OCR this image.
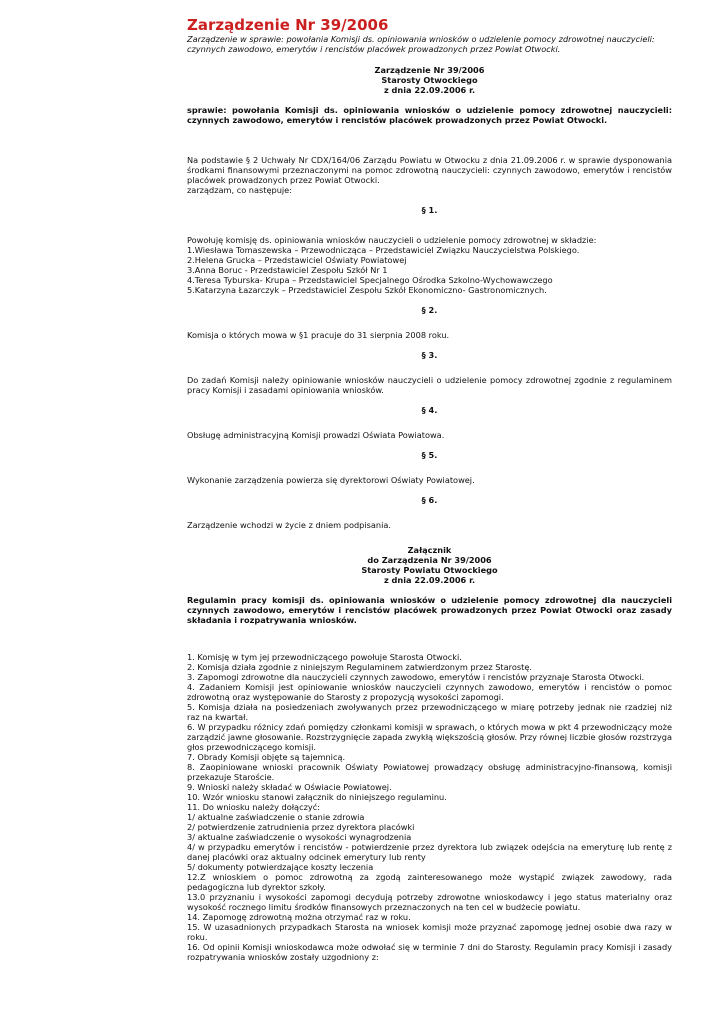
Zarządzenie Nr 39/2006

Zarządzenie w sprawie: powołania Komisji ds. opiniowania wniosków o udzielenie pomocy zdrowotnej nauczycieli: czynnych zawodowo, emerytów i rencistów placówek prowadzonych przez Powiat Otwocki.

Zarządzenie Nr 39/2006
Starosty Otwockiego
z dnia 22.09.2006 r.

sprawie: powołania Komisji ds. opiniowania wniosków o udzielenie pomocy zdrowotnej nauczycieli: czynnych zawodowo, emerytów i rencistów placówek prowadzonych przez Powiat Otwocki.

Na podstawie § 2 Uchwały Nr CDX/164/06 Zarządu Powiatu w Otwocku z dnia 21.09.2006 r. w sprawie dysponowania środkami finansowymi przeznaczonymi na pomoc zdrowotną nauczycieli: czynnych zawodowo, emerytów i rencistów placówek prowadzonych przez Powiat Otwocki.

zarządzam, co następuje:

§ 1.

Powołuję komisję ds. opiniowania wniosków nauczycieli o udzielenie pomocy zdrowotnej w składzie:

1.Wiesława Tomaszewska – Przewodnicząca – Przedstawiciel Związku Nauczycielstwa Polskiego.
2.Helena Grucka – Przedstawiciel Oświaty Powiatowej
3.Anna Boruc - Przedstawiciel Zespołu Szkół Nr 1
4.Teresa Tyburska- Krupa – Przedstawiciel Specjalnego Ośrodka Szkolno-Wychowawczego
5.Katarzyna Łazarczyk – Przedstawiciel Zespołu Szkół Ekonomiczno- Gastronomicznych.

§ 2.

Komisja o których mowa w §1 pracuje do 31 sierpnia 2008 roku.

§ 3.

Do zadań Komisji należy opiniowanie wniosków nauczycieli o udzielenie pomocy zdrowotnej zgodnie z regulaminem pracy Komisji i zasadami opiniowania wniosków.

§ 4.

Obsługę administracyjną Komisji prowadzi Oświata Powiatowa.

§ 5.

Wykonanie zarządzenia powierza się dyrektorowi Oświaty Powiatowej.

§ 6.

Zarządzenie wchodzi w życie z dniem podpisania.

Załącznik
do Zarządzenia Nr 39/2006
Starosty Powiatu Otwockiego
z dnia 22.09.2006 r.

Regulamin pracy komisji ds. opiniowania wniosków o udzielenie pomocy zdrowotnej dla nauczycieli czynnych zawodowo, emerytów i rencistów placówek prowadzonych przez Powiat Otwocki oraz zasady składania i rozpatrywania wniosków.

1. Komisję w tym jej przewodniczącego powołuje Starosta Otwocki.
2. Komisja działa zgodnie z niniejszym Regulaminem zatwierdzonym przez Starostę.
3. Zapomogi zdrowotne dla nauczycieli czynnych zawodowo, emerytów i rencistów przyznaje Starosta Otwocki.
4. Zadaniem Komisji jest opiniowanie wniosków nauczycieli czynnych zawodowo, emerytów i rencistów o pomoc zdrowotną oraz występowanie do Starosty z propozycją wysokości zapomogi.
5. Komisja działa na posiedzeniach zwoływanych przez przewodniczącego w miarę potrzeby jednak nie rzadziej niż raz na kwartał.
6. W przypadku różnicy zdań pomiędzy członkami komisji w sprawach, o których mowa w pkt 4 przewodniczący może zarządzić jawne głosowanie. Rozstrzygnięcie zapada zwykłą większością głosów. Przy równej liczbie głosów rozstrzyga głos przewodniczącego komisji.
7. Obrady Komisji objęte są tajemnicą.
8. Zaopiniowane wnioski pracownik Oświaty Powiatowej prowadzący obsługę administracyjno-finansową, komisji przekazuje Staroście.
9. Wnioski należy składać w Oświacie Powiatowej.
10. Wzór wniosku stanowi załącznik do niniejszego regulaminu.
11. Do wniosku należy dołączyć:
1/ aktualne zaświadczenie o stanie zdrowia
2/ potwierdzenie zatrudnienia przez dyrektora placówki
3/ aktualne zaświadczenie o wysokości wynagrodzenia
4/ w przypadku emerytów i rencistów - potwierdzenie przez dyrektora lub związek odejścia na emeryturę lub rentę z danej placówki oraz aktualny odcinek emerytury lub renty
5/ dokumenty potwierdzające koszty leczenia
12.Z wnioskiem o pomoc zdrowotną za zgodą zainteresowanego może wystąpić związek zawodowy, rada pedagogiczna lub dyrektor szkoły.
13.0 przyznaniu i wysokości zapomogi decydują potrzeby zdrowotne wnioskodawcy i jego status materialny oraz wysokość rocznego limitu środków finansowych przeznaczonych na ten cel w budżecie powiatu.
14. Zapomogę zdrowotną można otrzymać raz w roku.
15. W uzasadnionych przypadkach Starosta na wniosek komisji może przyznać zapomogę jednej osobie dwa razy w roku.
16. Od opinii Komisji wnioskodawca może odwołać się w terminie 7 dni do Starosty. Regulamin pracy Komisji i zasady rozpatrywania wniosków zostały uzgodniony z:
